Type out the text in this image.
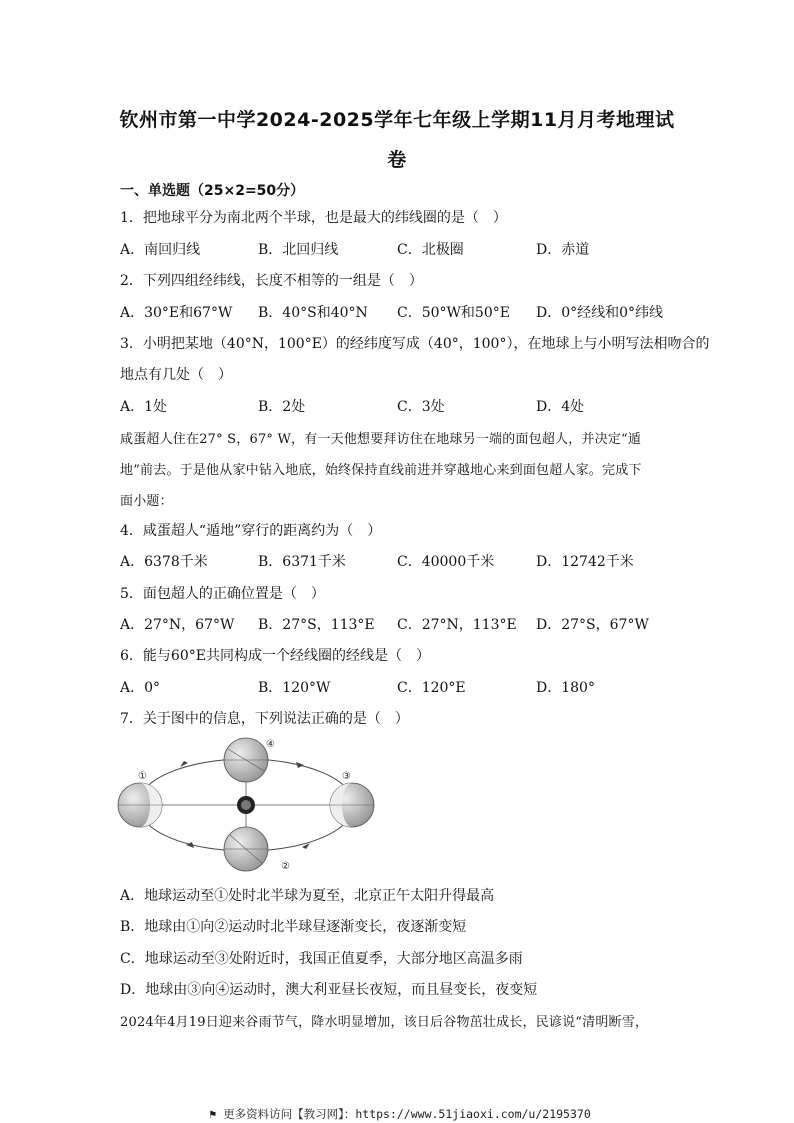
钦州市第一中学2024-2025学年七年级上学期11月月考地理试
卷
一、单选题（25×2=50分）
1．把地球平分为南北两个半球，也是最大的纬线圈的是（　）
A．南回归线	B．北回归线	C．北极圈	D．赤道
2．下列四组经纬线，长度不相等的一组是（　）
A．30°E和67°W B．40°S和40°N C．50°W和50°E D．0°经线和0°纬线
3．小明把某地（40°N，100°E）的经纬度写成（40°，100°），在地球上与小明写法相吻合的
地点有几处（　）
A．1处	B．2处	C．3处	D．4处
咸蛋超人住在27° S，67° W，有一天他想要拜访住在地球另一端的面包超人，并决定“遁
地”前去。于是他从家中钻入地底，始终保持直线前进并穿越地心来到面包超人家。完成下
面小题：
4．咸蛋超人“遁地”穿行的距离约为（　）
A．6378千米	B．6371千米	C．40000千米	D．12742千米
5．面包超人的正确位置是（　）
A．27°N，67°W B．27°S，113°E C．27°N，113°E D．27°S，67°W
6．能与60°E共同构成一个经线圈的经线是（　）
A．0°	B．120°W	C．120°E	D．180°
7．关于图中的信息，下列说法正确的是（　）
①
②
③
④
A．地球运动至①处时北半球为夏至，北京正午太阳升得最高
B．地球由①向②运动时北半球昼逐渐变长，夜逐渐变短
C．地球运动至③处附近时，我国正值夏季，大部分地区高温多雨
D．地球由③向④运动时，澳大利亚昼长夜短，而且昼变长，夜变短
2024年4月19日迎来谷雨节气，降水明显增加，该日后谷物茁壮成长，民谚说“清明断雪，
⚑ 更多资料访问【教习网】：https://www.51jiaoxi.com/u/2195370
